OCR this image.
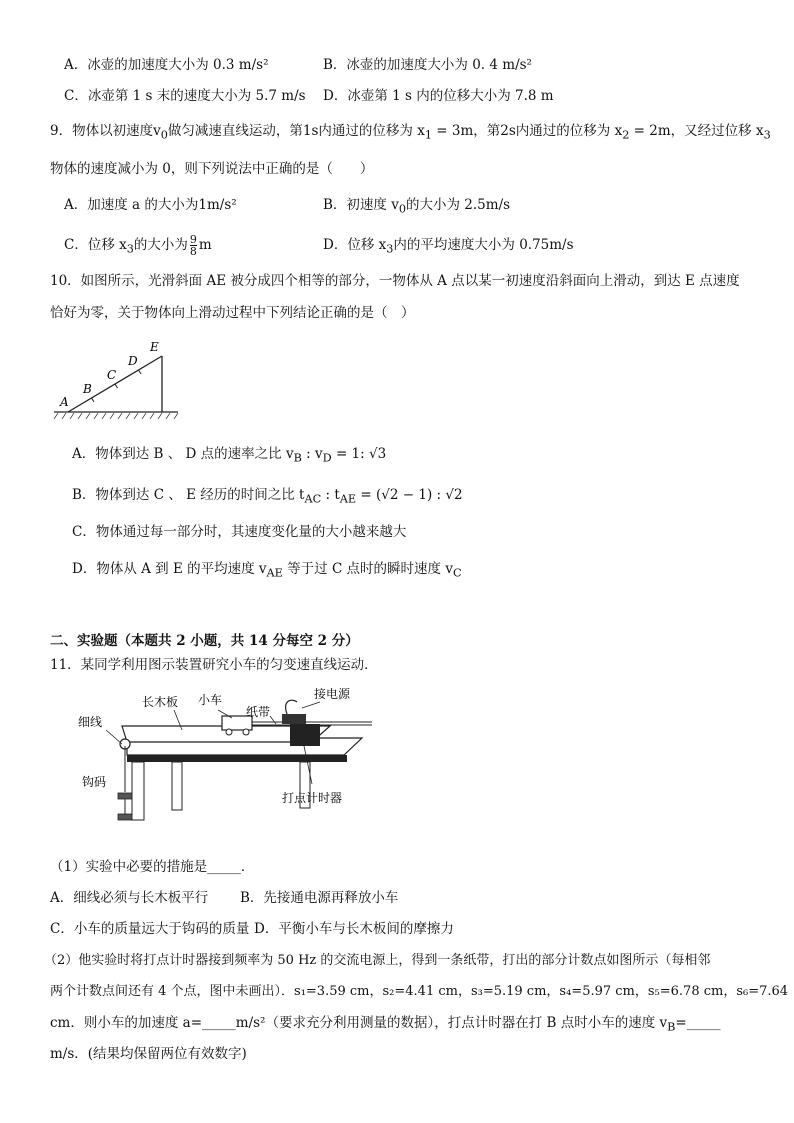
A．冰壶的加速度大小为 0.3 m/s²	B．冰壶的加速度大小为 0. 4 m/s²
C．冰壶第 1 s 末的速度大小为 5.7 m/s D．冰壶第 1 s 内的位移大小为 7.8 m
9．物体以初速度$v_0$做匀减速直线运动，第1s内通过的位移为 $x_1 = 3m$，第2s内通过的位移为 $x_2 = 2m$，又经过位移 $x_3$
物体的速度减小为 0，则下列说法中正确的是（　　）
A．加速度 a 的大小为1m/s²	B．初速度 $v_0$的大小为 2.5m/s
C．位移 $x_3$的大小为 $\frac{9}{8}$ m	D．位移 $x_3$内的平均速度大小为 0.75m/s
10．如图所示，光滑斜面 AE 被分成四个相等的部分，一物体从 A 点以某一初速度沿斜面向上滑动，到达 E 点速度
恰好为零，关于物体向上滑动过程中下列结论正确的是（　）
A
B
C
D
E
A．物体到达 B 、 D 点的速率之比 $v_B$ : $v_D = 1$: √3
B．物体到达 C 、 E 经历的时间之比 $t_{AC}$ : $t_{AE} = (√2 - 1)$ : √2
C．物体通过每一部分时，其速度变化量的大小越来越大
D．物体从 A 到 E 的平均速度 $v_{AE}$ 等于过 C 点时的瞬时速度 $v_C$
二、实验题（本题共 2 小题，共 14 分每空 2 分）
11．某同学利用图示装置研究小车的匀变速直线运动．
长木板 小车
纸带
接电源
细线
钩码
打点计时器
（1）实验中必要的措施是_____．
A．细线必须与长木板平行 B．先接通电源再释放小车
C．小车的质量远大于钩码的质量 D．平衡小车与长木板间的摩擦力
（2）他实验时将打点计时器接到频率为 50 Hz 的交流电源上，得到一条纸带，打出的部分计数点如图所示（每相邻
两个计数点间还有 4 个点，图中未画出）．s₁=3.59 cm，s₂=4.41 cm，s₃=5.19 cm，s₄=5.97 cm，s₅=6.78 cm，s₆=7.64
cm．则小车的加速度 a=_____m/s²（要求充分利用测量的数据），打点计时器在打 B 点时小车的速度 $v_B=\_\_\_\_\_$
m/s．(结果均保留两位有效数字)
